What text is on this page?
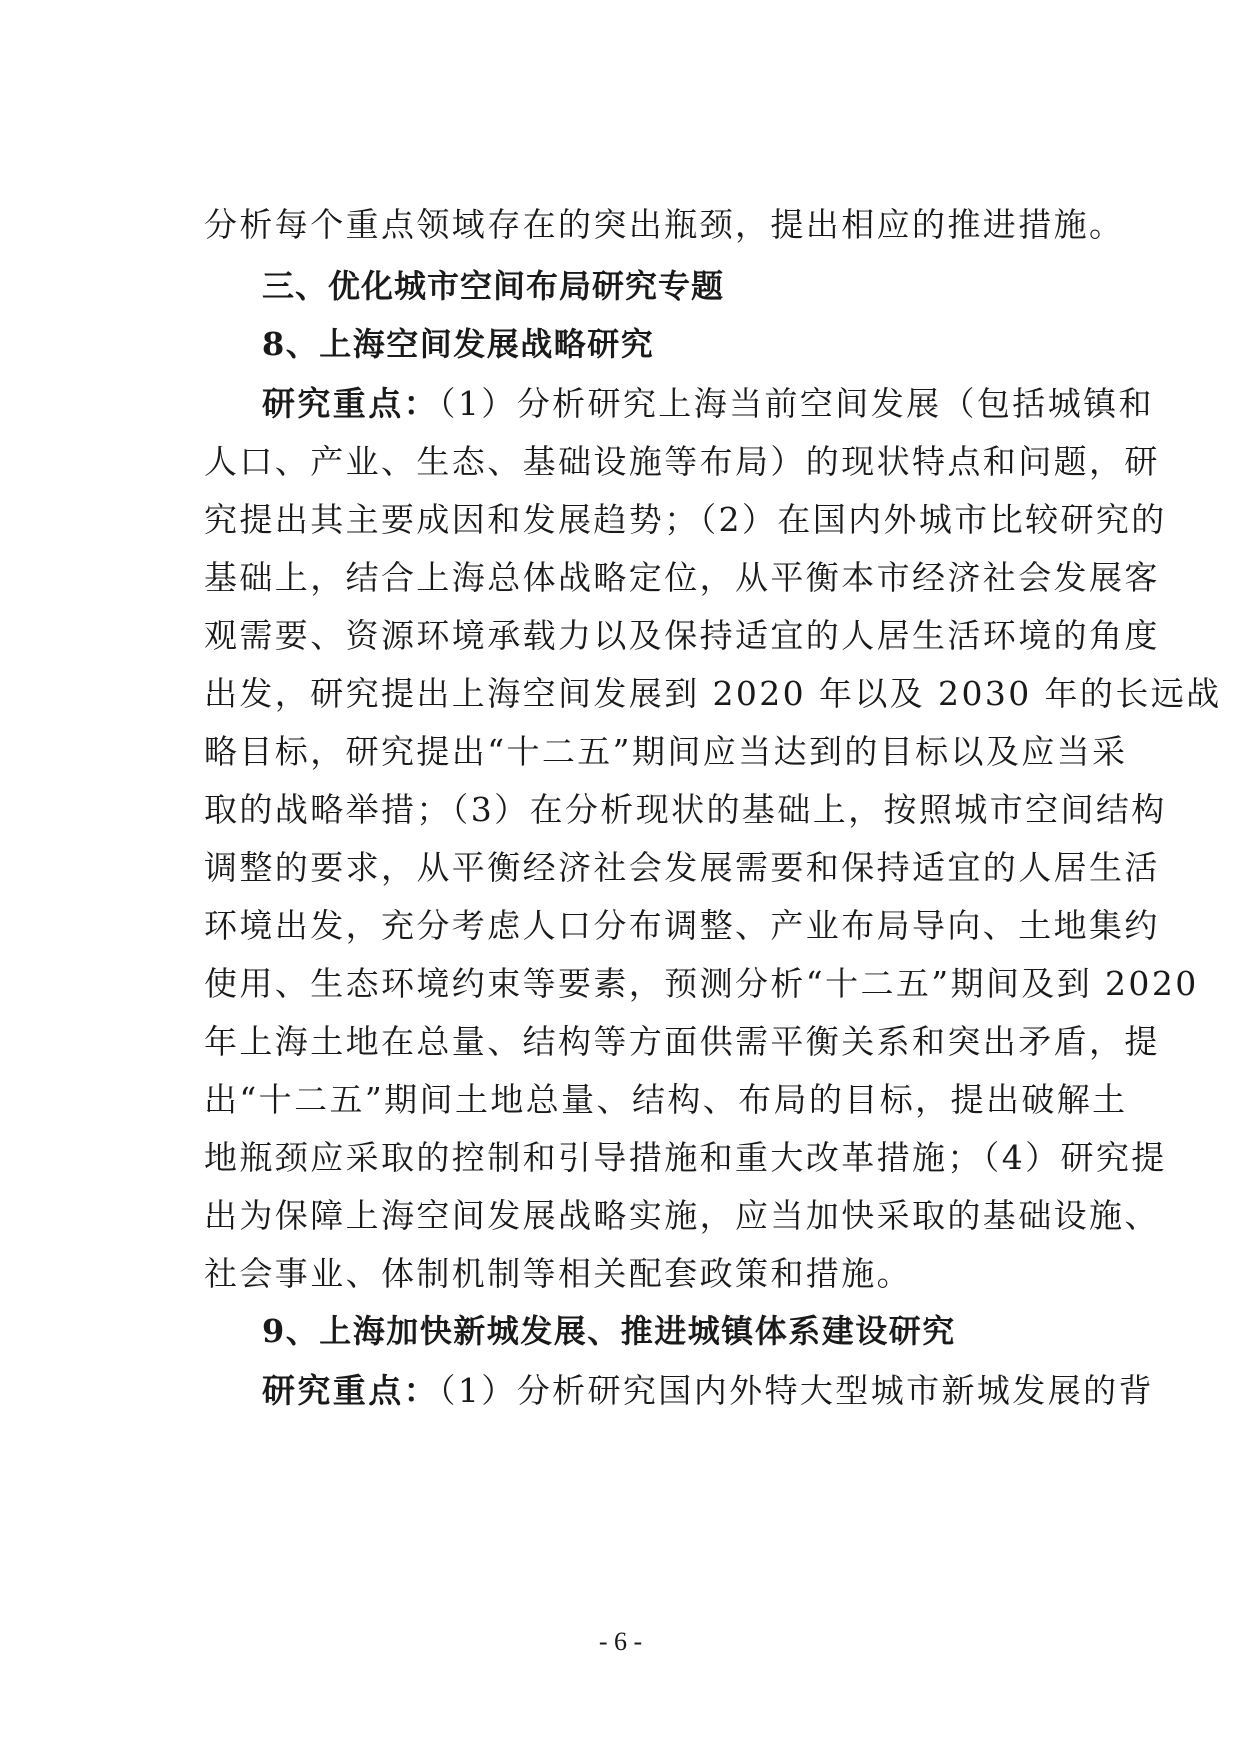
分析每个重点领域存在的突出瓶颈，提出相应的推进措施。
三、优化城市空间布局研究专题
8、上海空间发展战略研究
研究重点：（1）分析研究上海当前空间发展（包括城镇和
人口、产业、生态、基础设施等布局）的现状特点和问题，研
究提出其主要成因和发展趋势；（2）在国内外城市比较研究的
基础上，结合上海总体战略定位，从平衡本市经济社会发展客
观需要、资源环境承载力以及保持适宜的人居生活环境的角度
出发，研究提出上海空间发展到 2020 年以及 2030 年的长远战
略目标，研究提出“十二五”期间应当达到的目标以及应当采
取的战略举措；（3）在分析现状的基础上，按照城市空间结构
调整的要求，从平衡经济社会发展需要和保持适宜的人居生活
环境出发，充分考虑人口分布调整、产业布局导向、土地集约
使用、生态环境约束等要素，预测分析“十二五”期间及到 2020
年上海土地在总量、结构等方面供需平衡关系和突出矛盾，提
出“十二五”期间土地总量、结构、布局的目标，提出破解土
地瓶颈应采取的控制和引导措施和重大改革措施；（4）研究提
出为保障上海空间发展战略实施，应当加快采取的基础设施、
社会事业、体制机制等相关配套政策和措施。
9、上海加快新城发展、推进城镇体系建设研究
研究重点：（1）分析研究国内外特大型城市新城发展的背
- 6 -
